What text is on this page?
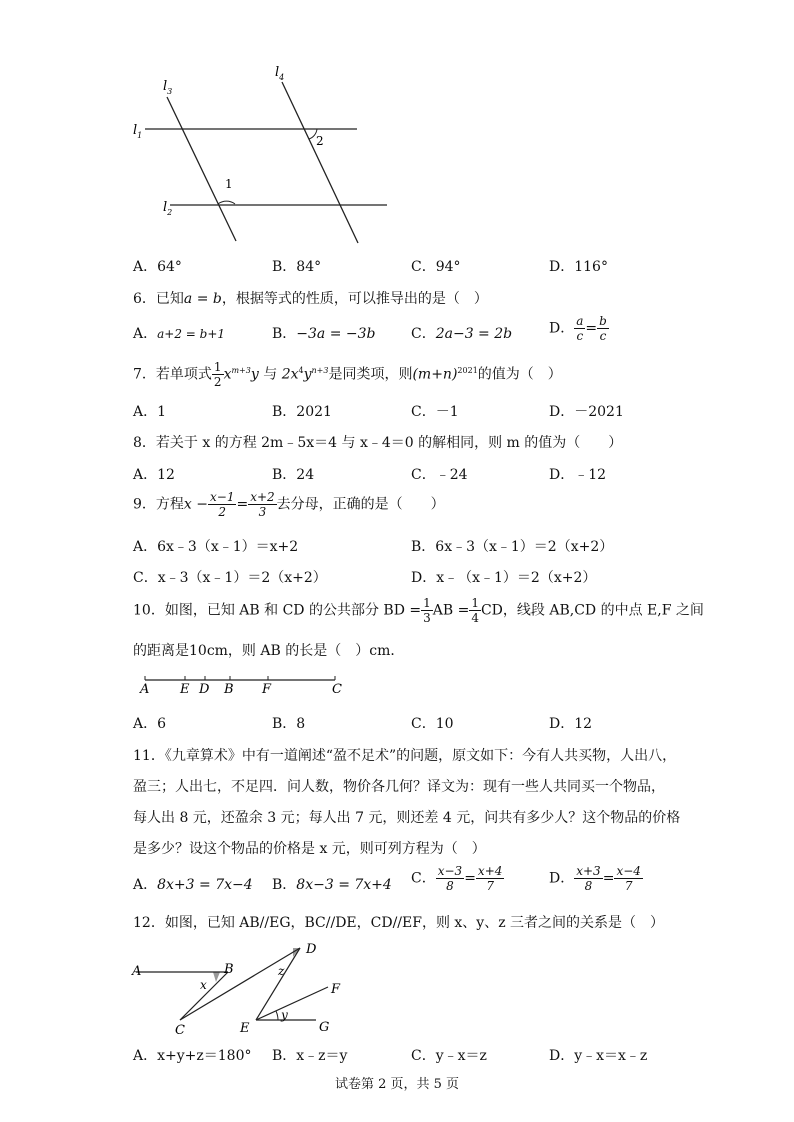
$l_3$
$l_4$
$l_1$
$l_2$
1
2
A．64°	B．84°	C．94°	D．116°
6．已知a = b，根据等式的性质，可以推导出的是（　）
A．a+2 = b+1	B．−3a = −3b	C．2a−3 = 2b	D． $\frac{a}{c} = \frac{b}{c}$
7．若单项式 $\frac{1}{2} x^{m+3}y$ 与 $2x^4y^{n+3}$是同类项，则$(m+n)^{2021}$的值为（　）
A．1	B．2021	C．－1	D．－2021
8．若关于 x 的方程 2m﹣5x＝4 与 x﹣4＝0 的解相同，则 m 的值为（　　）
A．12	B．24	C．﹣24	D．﹣12
9．方程$x - \frac{x-1}{2} = \frac{x+2}{3}$ 去分母，正确的是（　　）
A．6x﹣3（x﹣1）＝x+2	B．6x﹣3（x﹣1）＝2（x+2）
C．x﹣3（x﹣1）＝2（x+2）	D．x﹣（x﹣1）＝2（x+2）
10．如图，已知 AB 和 CD 的公共部分 BD = $\frac{1}{3}$ AB = $\frac{1}{4}$ CD，线段 AB,CD 的中点 E,F 之间
的距离是10cm，则 AB 的长是（　）cm．
A E D B F	C
A．6	B．8	C．10	D．12
11．《九章算术》中有一道阐述“盈不足术”的问题，原文如下：今有人共买物，人出八，
盈三；人出七，不足四．问人数，物价各几何？译文为：现有一些人共同买一个物品，
每人出 8 元，还盈余 3 元；每人出 7 元，则还差 4 元，问共有多少人？这个物品的价格
是多少？设这个物品的价格是 x 元，则可列方程为（　）
A．8x+3 = 7x−4 B．8x−3 = 7x+4 C． $\frac{x-3}{8} = \frac{x+4}{7}$	D． $\frac{x+3}{8} = \frac{x-4}{7}$
12．如图，已知 AB//EG，BC//DE，CD//EF，则 x、y、z 三者之间的关系是（　）
A	B
C
D
E
F
G
x
y
z
A．x+y+z＝180° B．x﹣z＝y	C．y﹣x＝z	D．y﹣x＝x﹣z
试卷第 2 页，共 5 页
